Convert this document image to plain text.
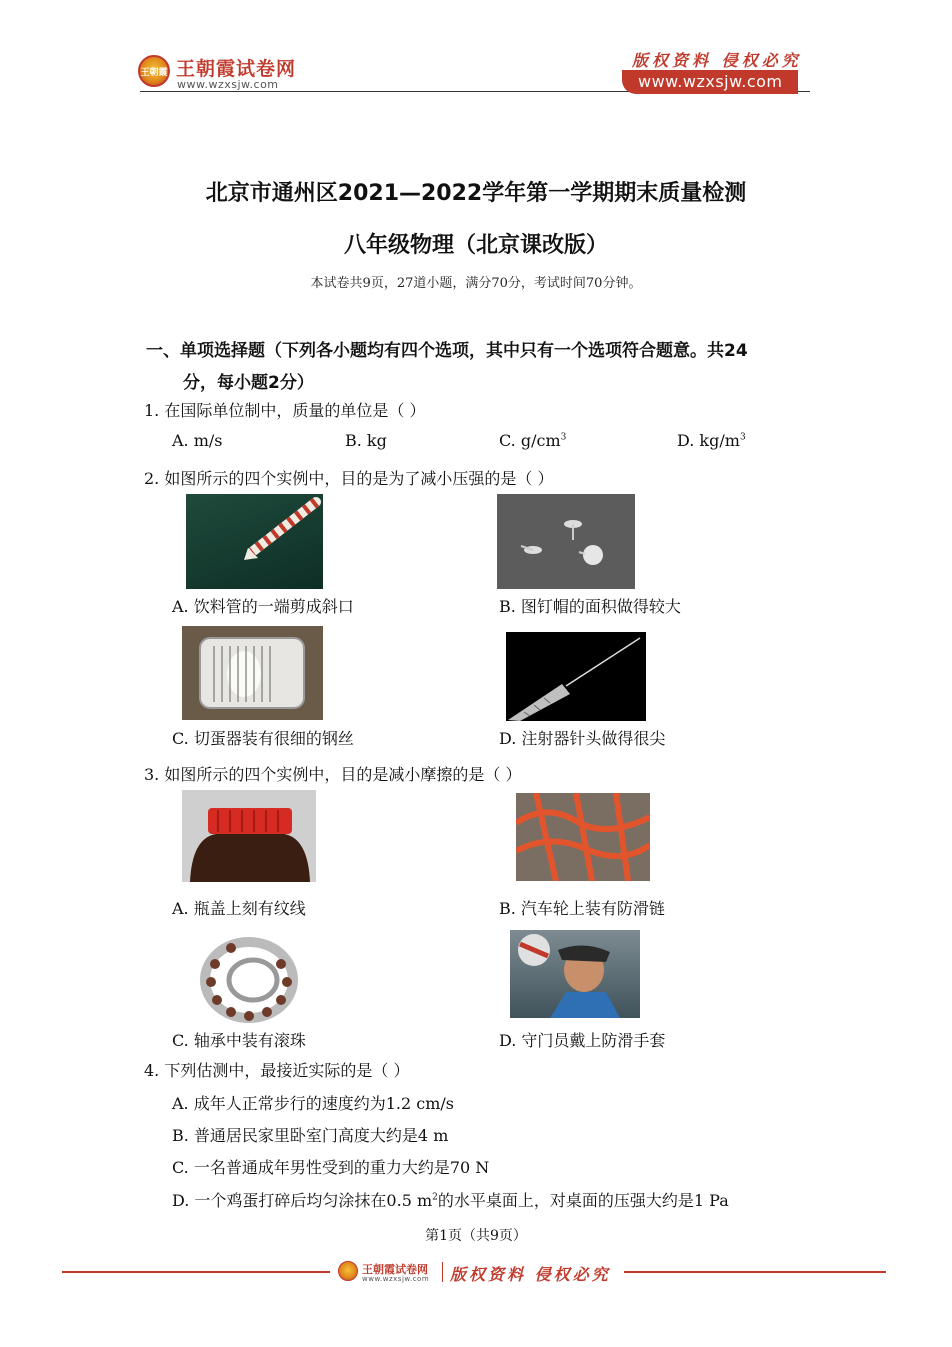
王朝霞 王朝霞试卷网
www.wzxsjw.com
版权资料 侵权必究
www.wzxsjw.com
北京市通州区2021—2022学年第一学期期末质量检测
八年级物理（北京课改版）
本试卷共9页，27道小题，满分70分，考试时间70分钟。
一、单项选择题（下列各小题均有四个选项，其中只有一个选项符合题意。共24
分，每小题2分）
1. 在国际单位制中，质量的单位是（ ）
A. m/s	B. kg	C. $g/cm^3$	D. $kg/m^3$
2. 如图所示的四个实例中，目的是为了减小压强的是（ ）
A. 饮料管的一端剪成斜口	B. 图钉帽的面积做得较大
C. 切蛋器装有很细的钢丝	D. 注射器针头做得很尖
3. 如图所示的四个实例中，目的是减小摩擦的是（ ）
A. 瓶盖上刻有纹线	B. 汽车轮上装有防滑链
C. 轴承中装有滚珠	D. 守门员戴上防滑手套
4. 下列估测中，最接近实际的是（ ）
A. 成年人正常步行的速度约为1.2 cm/s
B. 普通居民家里卧室门高度大约是4 m
C. 一名普通成年男性受到的重力大约是70 N
D. 一个鸡蛋打碎后均匀涂抹在0.5 $m^2$的水平桌面上，对桌面的压强大约是1 Pa
第1页（共9页）
王朝霞试卷网
www.wzxsjw.com 版权资料 侵权必究
